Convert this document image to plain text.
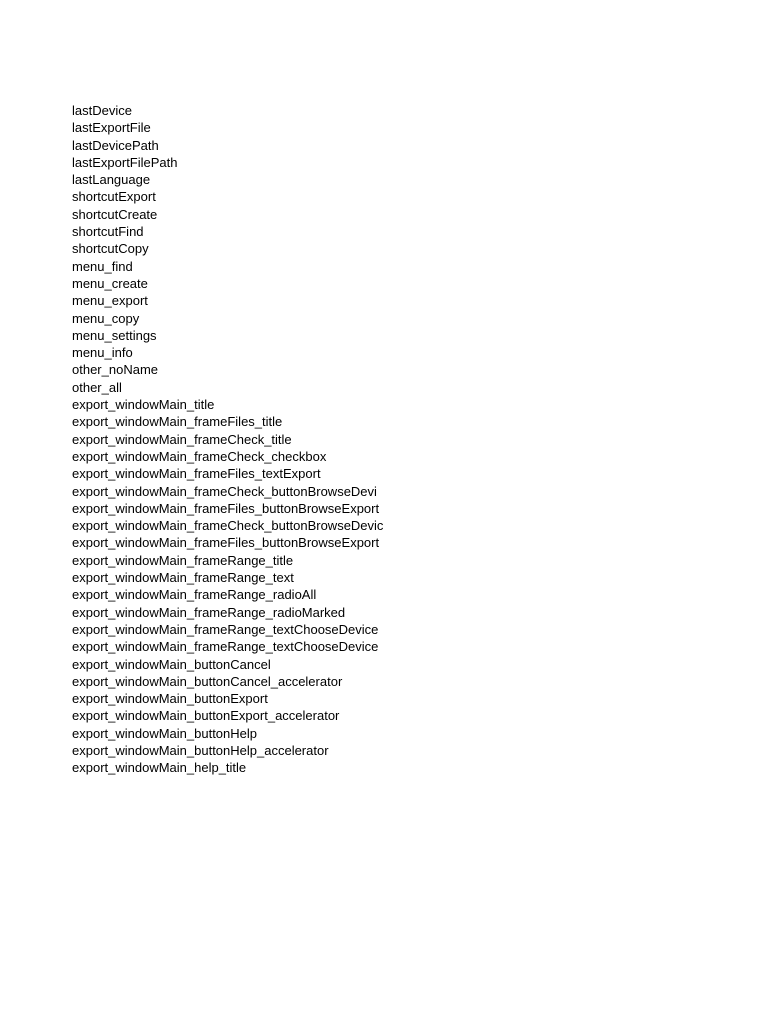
lastDevice
lastExportFile
lastDevicePath
lastExportFilePath
lastLanguage
shortcutExport
shortcutCreate
shortcutFind
shortcutCopy
menu_find
menu_create
menu_export
menu_copy
menu_settings
menu_info
other_noName
other_all
export_windowMain_title
export_windowMain_frameFiles_title
export_windowMain_frameCheck_title
export_windowMain_frameCheck_checkbox
export_windowMain_frameFiles_textExport
export_windowMain_frameCheck_buttonBrowseDevi
export_windowMain_frameFiles_buttonBrowseExport
export_windowMain_frameCheck_buttonBrowseDevic
export_windowMain_frameFiles_buttonBrowseExport
export_windowMain_frameRange_title
export_windowMain_frameRange_text
export_windowMain_frameRange_radioAll
export_windowMain_frameRange_radioMarked
export_windowMain_frameRange_textChooseDevice
export_windowMain_frameRange_textChooseDevice
export_windowMain_buttonCancel
export_windowMain_buttonCancel_accelerator
export_windowMain_buttonExport
export_windowMain_buttonExport_accelerator
export_windowMain_buttonHelp
export_windowMain_buttonHelp_accelerator
export_windowMain_help_title
